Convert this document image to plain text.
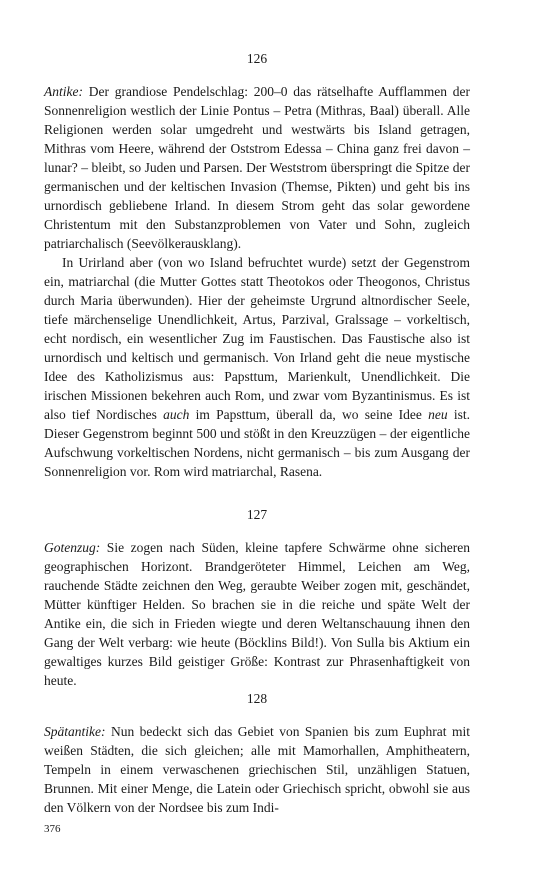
126

Antike: Der grandiose Pendelschlag: 200–0 das rätselhafte Aufflammen der Sonnenreligion westlich der Linie Pontus – Petra (Mithras, Baal) überall. Alle Religionen werden solar umgedreht und westwärts bis Island getragen, Mithras vom Heere, während der Oststrom Edessa – China ganz frei davon – lunar? – bleibt, so Juden und Parsen. Der Weststrom überspringt die Spitze der germanischen und der keltischen Invasion (Themse, Pikten) und geht bis ins urnordisch gebliebene Irland. In diesem Strom geht das solar gewordene Christentum mit den Substanzproblemen von Vater und Sohn, zugleich patriarchalisch (Seevölkerausklang).

In Urirland aber (von wo Island befruchtet wurde) setzt der Gegenstrom ein, matriarchal (die Mutter Gottes statt Theotokos oder Theogonos, Christus durch Maria überwunden). Hier der geheimste Urgrund altnordischer Seele, tiefe märchenselige Unendlichkeit, Artus, Parzival, Gralssage – vorkeltisch, echt nordisch, ein wesentlicher Zug im Faustischen. Das Faustische also ist urnordisch und keltisch und germanisch. Von Irland geht die neue mystische Idee des Katholizismus aus: Papsttum, Marienkult, Unendlichkeit. Die irischen Missionen bekehren auch Rom, und zwar vom Byzantinismus. Es ist also tief Nordisches auch im Papsttum, überall da, wo seine Idee neu ist. Dieser Gegenstrom beginnt 500 und stößt in den Kreuzzügen – der eigentliche Aufschwung vorkeltischen Nordens, nicht germanisch – bis zum Ausgang der Sonnenreligion vor. Rom wird matriarchal, Rasena.

127

Gotenzug: Sie zogen nach Süden, kleine tapfere Schwärme ohne sicheren geographischen Horizont. Brandgeröteter Himmel, Leichen am Weg, rauchende Städte zeichnen den Weg, geraubte Weiber zogen mit, geschändet, Mütter künftiger Helden. So brachen sie in die reiche und späte Welt der Antike ein, die sich in Frieden wiegte und deren Weltanschauung ihnen den Gang der Welt verbarg: wie heute (Böcklins Bild!). Von Sulla bis Aktium ein gewaltiges kurzes Bild geistiger Größe: Kontrast zur Phrasenhaftigkeit von heute.

128

Spätantike: Nun bedeckt sich das Gebiet von Spanien bis zum Euphrat mit weißen Städten, die sich gleichen; alle mit Mamorhallen, Amphitheatern, Tempeln in einem verwaschenen griechischen Stil, unzähligen Statuen, Brunnen. Mit einer Menge, die Latein oder Griechisch spricht, obwohl sie aus den Völkern von der Nordsee bis zum Indi-

376
